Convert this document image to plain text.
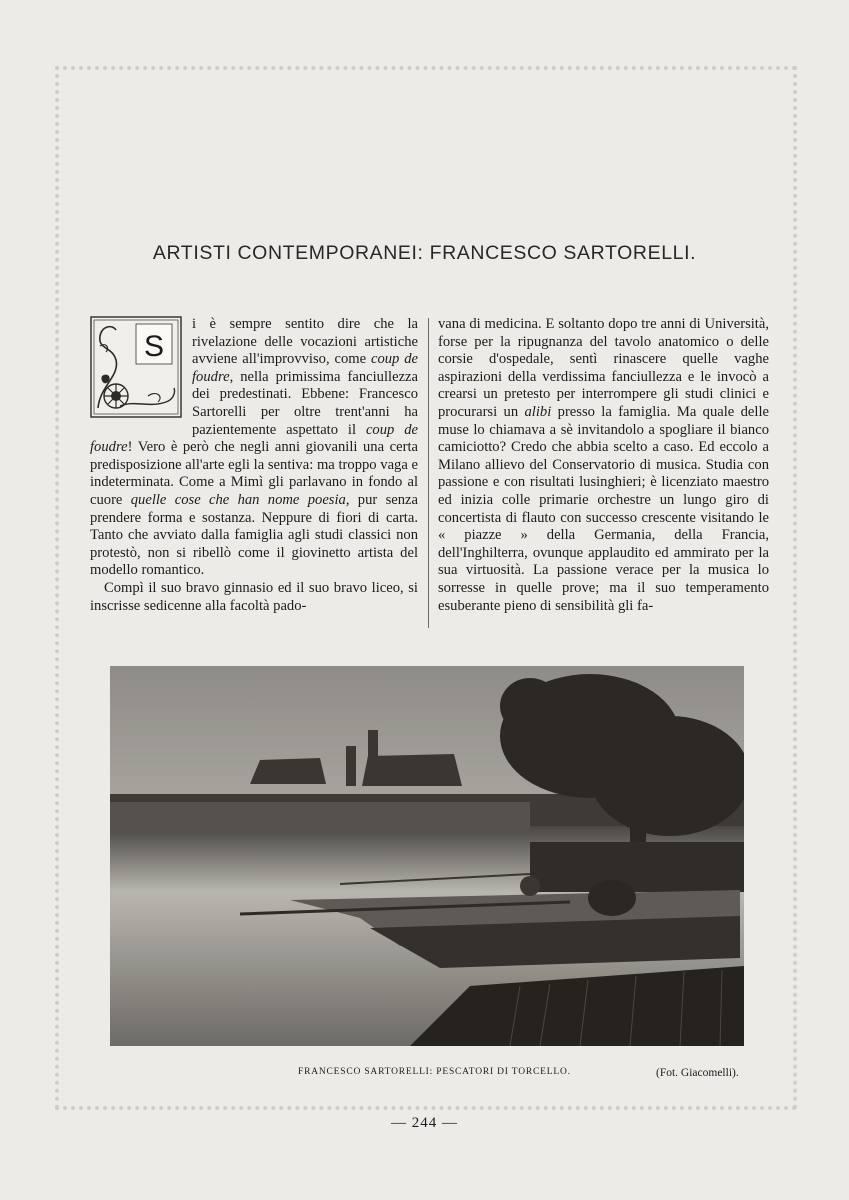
ARTISTI CONTEMPORANEI: FRANCESCO SARTORELLI.
S

i è sempre sentito dire che la rivelazione delle vocazioni artistiche avviene all'improvviso, come coup de foudre, nella primissima fanciullezza dei predestinati. Ebbene: Francesco Sartorelli per oltre trent'anni ha pazientemente aspettato il coup de foudre! Vero è però che negli anni giovanili una certa predisposizione all'arte egli la sentiva: ma troppo vaga e indeterminata. Come a Mimì gli parlavano in fondo al cuore quelle cose che han nome poesia, pur senza prendere forma e sostanza. Neppure di fiori di carta. Tanto che avviato dalla famiglia agli studi classici non protestò, non si ribellò come il giovinetto artista del modello romantico.

Compì il suo bravo ginnasio ed il suo bravo liceo, si inscrisse sedicenne alla facoltà pado-

vana di medicina. E soltanto dopo tre anni di Università, forse per la ripugnanza del tavolo anatomico o delle corsie d'ospedale, sentì rinascere quelle vaghe aspirazioni della verdissima fanciullezza e le invocò a crearsi un pretesto per interrompere gli studi clinici e procurarsi un alibi presso la famiglia. Ma quale delle muse lo chiamava a sè invitandolo a spogliare il bianco camiciotto? Credo che abbia scelto a caso. Ed eccolo a Milano allievo del Conservatorio di musica. Studia con passione e con risultati lusinghieri; è licenziato maestro ed inizia colle primarie orchestre un lungo giro di concertista di flauto con successo crescente visitando le « piazze » della Germania, della Francia, dell'Inghilterra, ovunque applaudito ed ammirato per la sua virtuosità. La passione verace per la musica lo sorresse in quelle prove; ma il suo temperamento esuberante pieno di sensibilità gli fa-

FRANCESCO SARTORELLI: PESCATORI DI TORCELLO.	(Fot. Giacomelli).
— 244 —
